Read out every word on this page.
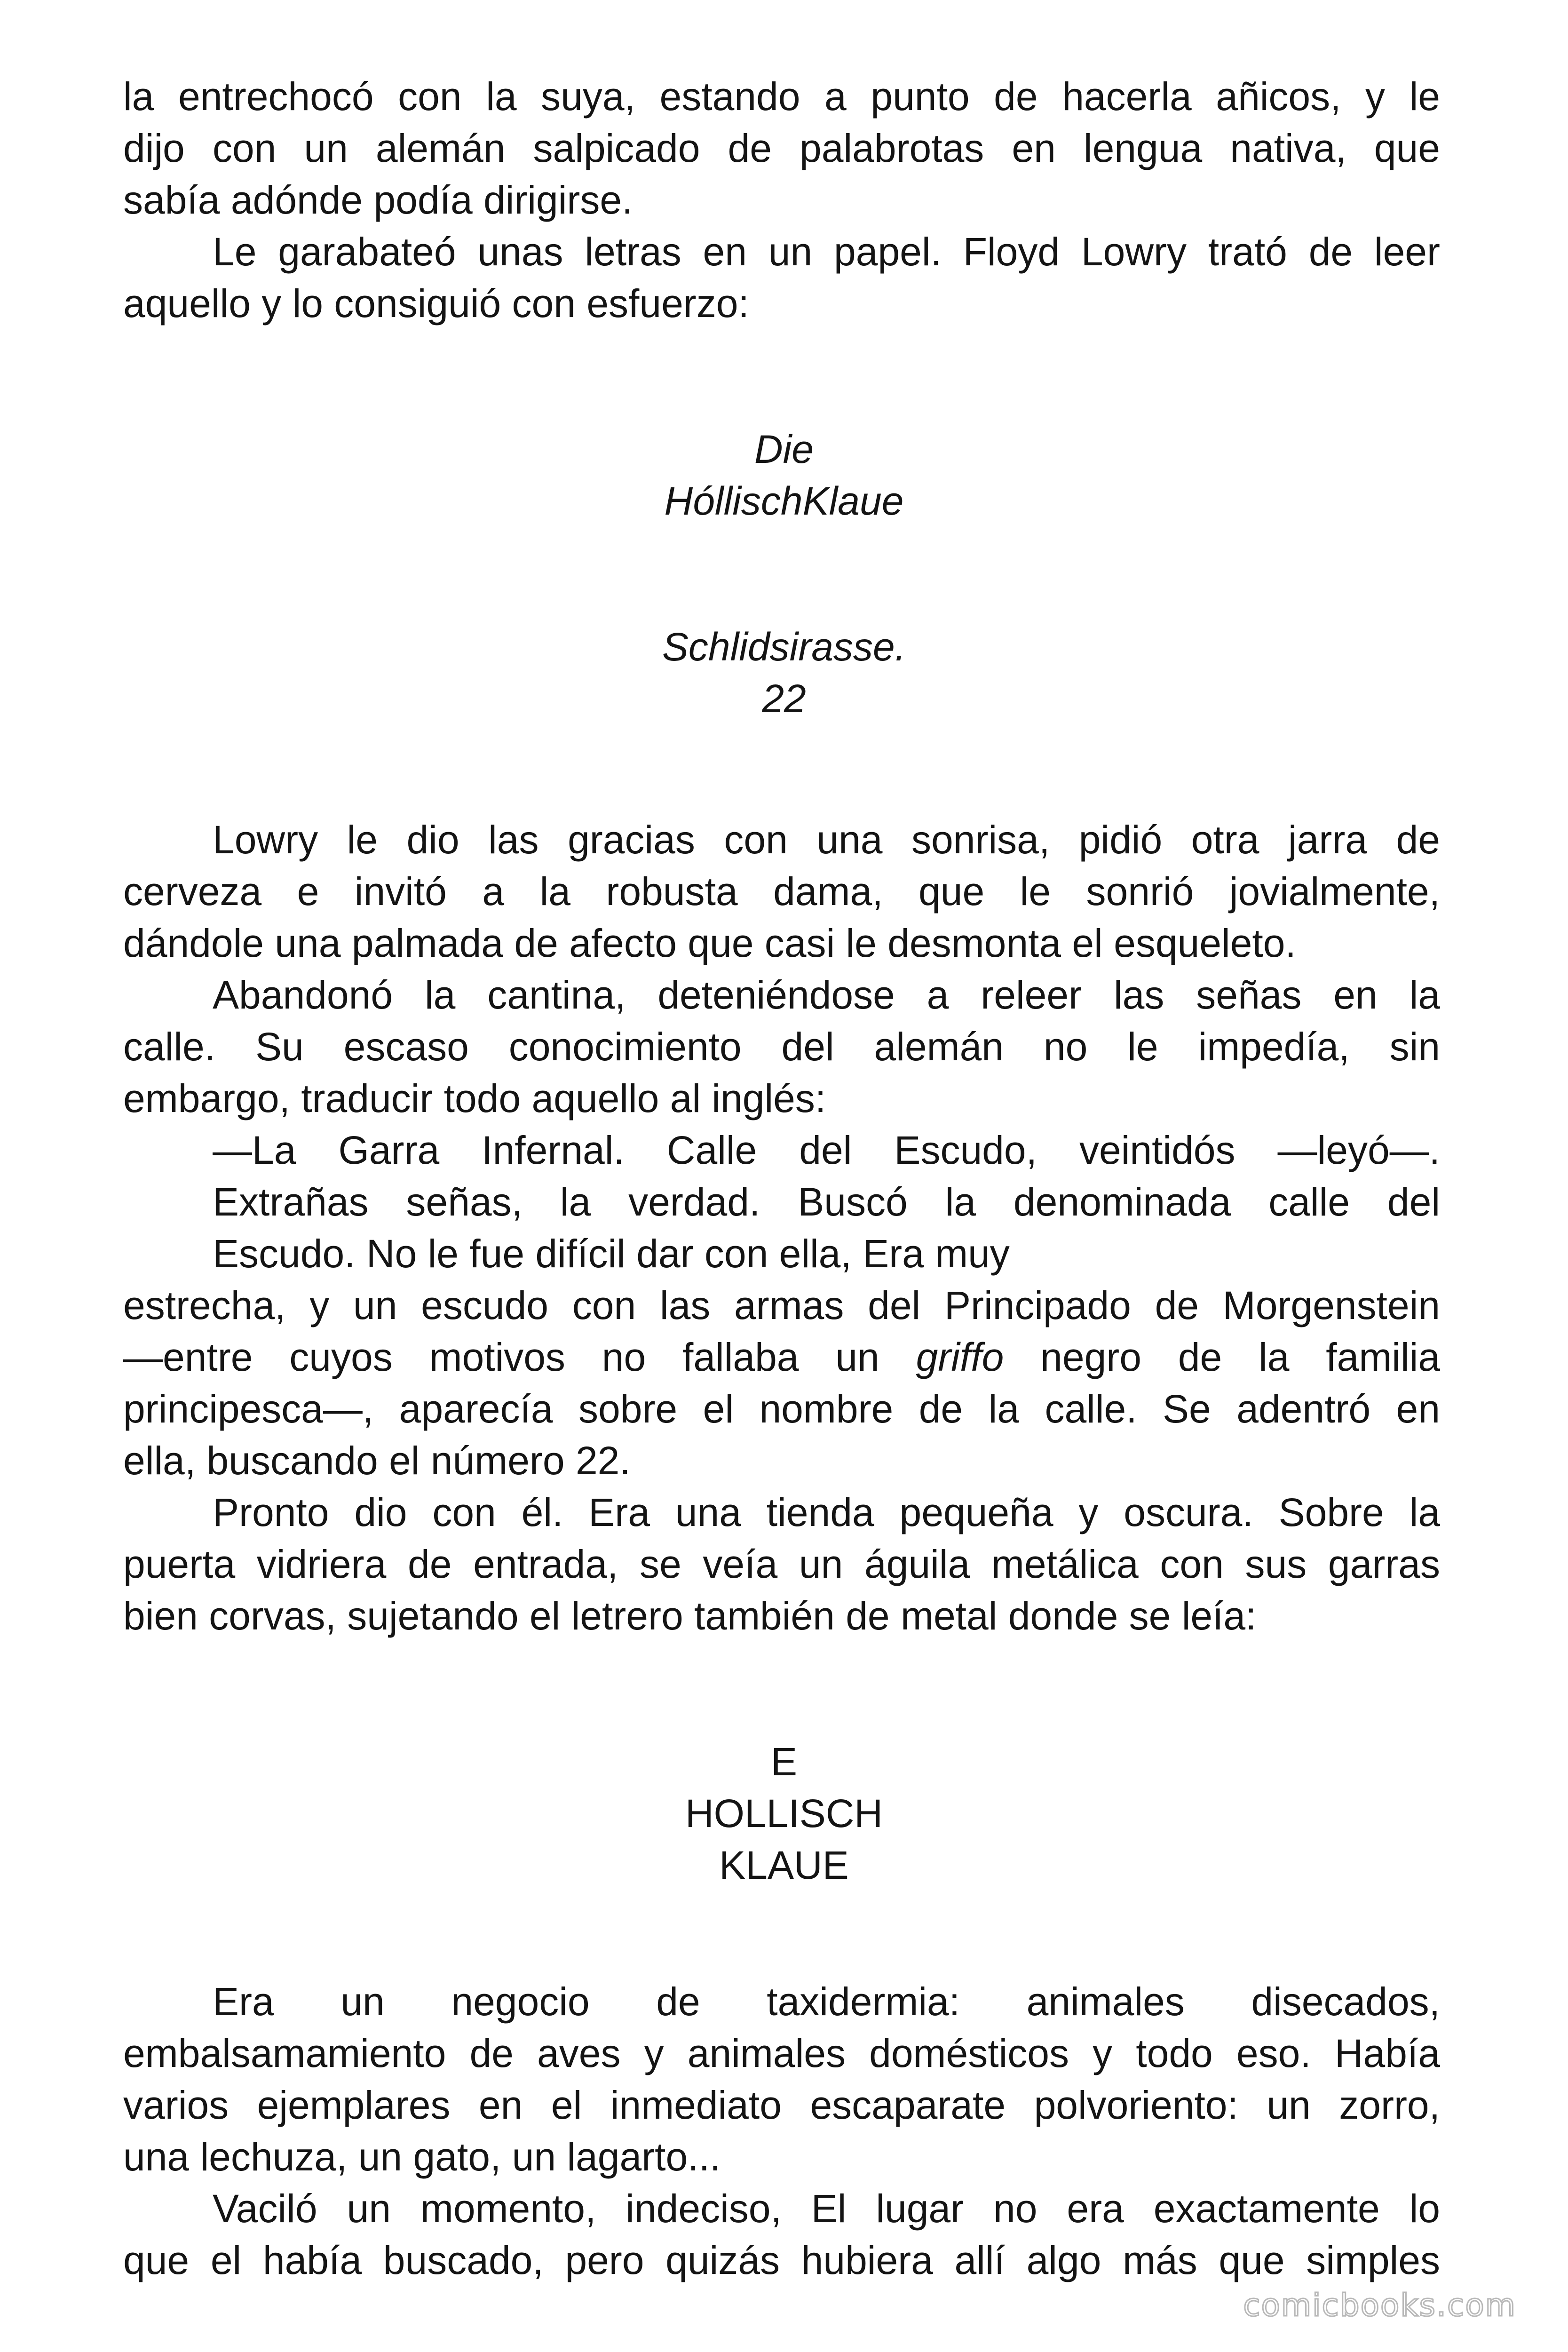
la entrechocó con la suya, estando a punto de hacerla añicos, y le
dijo con un alemán salpicado de palabrotas en lengua nativa, que
sabía adónde podía dirigirse.
Le garabateó unas letras en un papel. Floyd Lowry trató de leer
aquello y lo consiguió con esfuerzo:
Die
HóllischKlaue
Schlidsirasse.
22
Lowry le dio las gracias con una sonrisa, pidió otra jarra de
cerveza e invitó a la robusta dama, que le sonrió jovialmente,
dándole una palmada de afecto que casi le desmonta el esqueleto.
Abandonó la cantina, deteniéndose a releer las señas en la
calle. Su escaso conocimiento del alemán no le impedía, sin
embargo, traducir todo aquello al inglés:
—La Garra Infernal. Calle del Escudo, veintidós —leyó—.
Extrañas señas, la verdad. Buscó la denominada calle del
Escudo. No le fue difícil dar con ella, Era muy
estrecha, y un escudo con las armas del Principado de Morgenstein
—entre cuyos motivos no fallaba un griffo negro de la familia
principesca—, aparecía sobre el nombre de la calle. Se adentró en
ella, buscando el número 22.
Pronto dio con él. Era una tienda pequeña y oscura. Sobre la
puerta vidriera de entrada, se veía un águila metálica con sus garras
bien corvas, sujetando el letrero también de metal donde se leía:
E
HOLLISCH
KLAUE
Era un negocio de taxidermia: animales disecados,
embalsamamiento de aves y animales domésticos y todo eso. Había
varios ejemplares en el inmediato escaparate polvoriento: un zorro,
una lechuza, un gato, un lagarto...
Vaciló un momento, indeciso, El lugar no era exactamente lo
que el había buscado, pero quizás hubiera allí algo más que simples
comicbooks.com
